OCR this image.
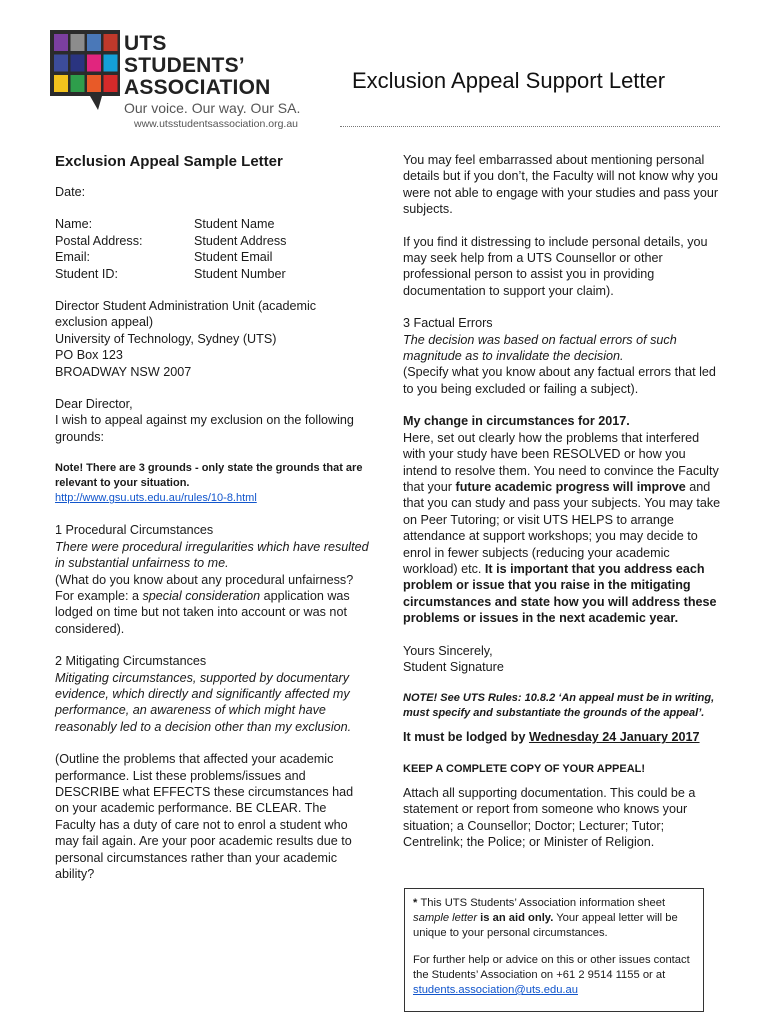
UTS
STUDENTS’
ASSOCIATION
Our voice. Our way. Our SA.
www.utsstudentsassociation.org.au
Exclusion Appeal Support Letter

Exclusion Appeal Sample Letter

Date:

Name:	Student Name
Postal Address:	Student Address
Email:	Student Email
Student ID:	Student Number

Director Student Administration Unit (academic exclusion appeal)

University of Technology, Sydney (UTS)

PO Box 123

BROADWAY NSW 2007

Dear Director,

I wish to appeal against my exclusion on the following grounds:

Note! There are 3 grounds - only state the grounds that are relevant to your situation.

http://www.gsu.uts.edu.au/rules/10-8.html

1 Procedural Circumstances

There were procedural irregularities which have resulted in substantial unfairness to me.

(What do you know about any procedural unfairness? For example: a special consideration application was lodged on time but not taken into account or was not considered).

2 Mitigating Circumstances

Mitigating circumstances, supported by documentary evidence, which directly and significantly affected my performance, an awareness of which might have reasonably led to a decision other than my exclusion.

(Outline the problems that affected your academic performance. List these problems/issues and DESCRIBE what EFFECTS these circumstances had on your academic performance. BE CLEAR. The Faculty has a duty of care not to enrol a student who may fail again. Are your poor academic results due to personal circumstances rather than your academic ability?

You may feel embarrassed about mentioning personal details but if you don’t, the Faculty will not know why you were not able to engage with your studies and pass your subjects.

If you find it distressing to include personal details, you may seek help from a UTS Counsellor or other professional person to assist you in providing documentation to support your claim).

3 Factual Errors

The decision was based on factual errors of such magnitude as to invalidate the decision.

(Specify what you know about any factual errors that led to you being excluded or failing a subject).

My change in circumstances for 2017.

Here, set out clearly how the problems that interfered with your study have been RESOLVED or how you intend to resolve them. You need to convince the Faculty that your future academic progress will improve and that you can study and pass your subjects. You may take on Peer Tutoring; or visit UTS HELPS to arrange attendance at support workshops; you may decide to enrol in fewer subjects (reducing your academic workload) etc. It is important that you address each problem or issue that you raise in the mitigating circumstances and state how you will address these problems or issues in the next academic year.

Yours Sincerely,

Student Signature

NOTE! See UTS Rules: 10.8.2 ‘An appeal must be in writing, must specify and substantiate the grounds of the appeal’.

It must be lodged by Wednesday 24 January 2017

KEEP A COMPLETE COPY OF YOUR APPEAL!

Attach all supporting documentation. This could be a statement or report from someone who knows your situation; a Counsellor; Doctor; Lecturer; Tutor; Centrelink; the Police; or Minister of Religion.

* This UTS Students’ Association information sheet sample letter is an aid only. Your appeal letter will be unique to your personal circumstances.

For further help or advice on this or other issues contact the Students’ Association on +61 2 9514 1155 or at students.association@uts.edu.au
